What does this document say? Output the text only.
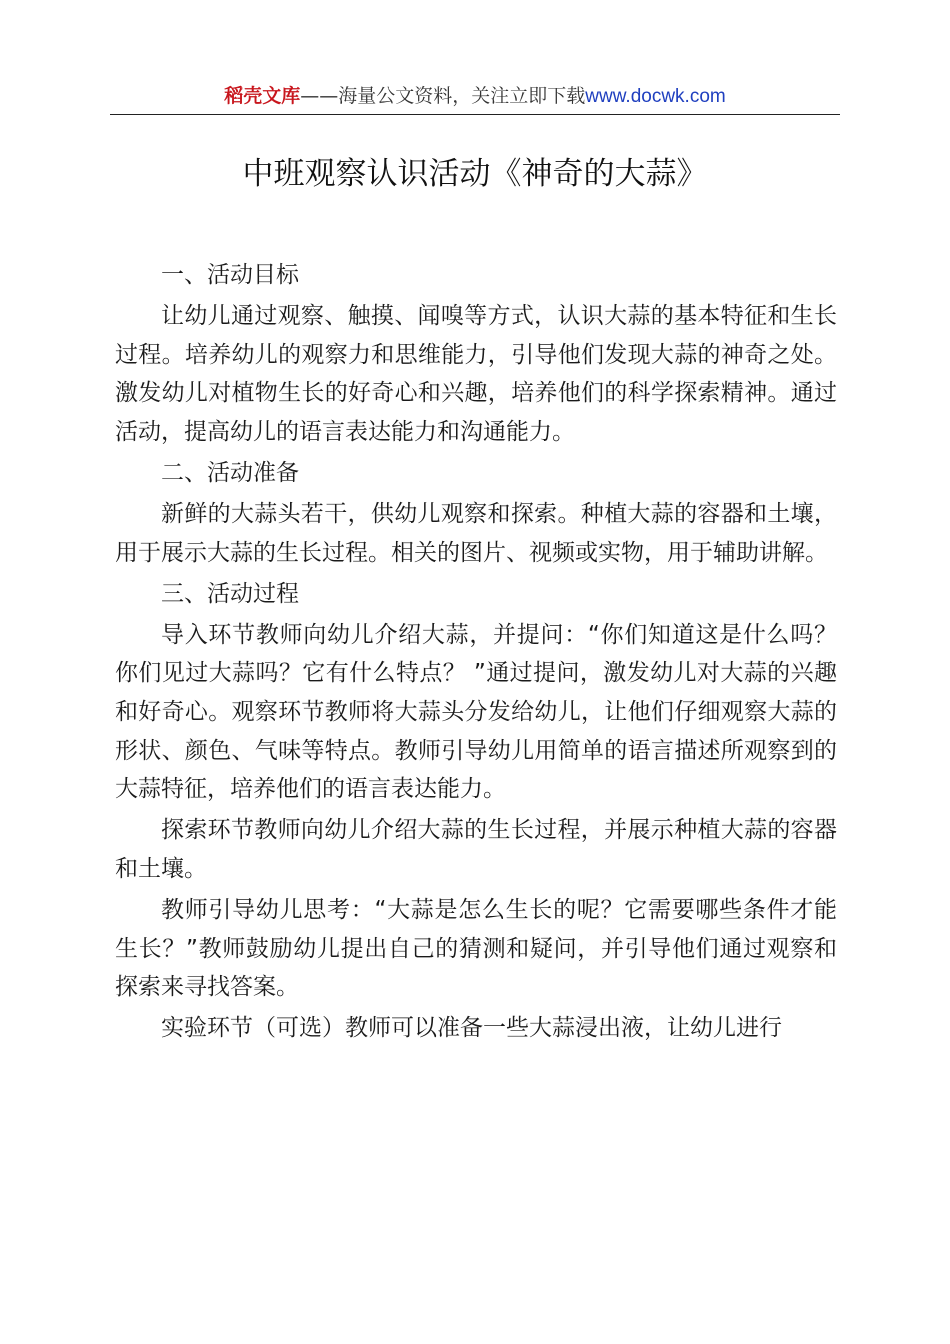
稻壳文库——海量公文资料，关注立即下载www.docwk.com
中班观察认识活动《神奇的大蒜》

一、活动目标

让幼儿通过观察、触摸、闻嗅等方式，认识大蒜的基本特征和生长过程。培养幼儿的观察力和思维能力，引导他们发现大蒜的神奇之处。激发幼儿对植物生长的好奇心和兴趣，培养他们的科学探索精神。通过活动，提高幼儿的语言表达能力和沟通能力。

二、活动准备

新鲜的大蒜头若干，供幼儿观察和探索。种植大蒜的容器和土壤，用于展示大蒜的生长过程。相关的图片、视频或实物，用于辅助讲解。

三、活动过程

导入环节教师向幼儿介绍大蒜，并提问：“你们知道这是什么吗？你们见过大蒜吗？它有什么特点？ ”通过提问，激发幼儿对大蒜的兴趣和好奇心。观察环节教师将大蒜头分发给幼儿，让他们仔细观察大蒜的形状、颜色、气味等特点。教师引导幼儿用简单的语言描述所观察到的大蒜特征，培养他们的语言表达能力。

探索环节教师向幼儿介绍大蒜的生长过程，并展示种植大蒜的容器和土壤。

教师引导幼儿思考：“大蒜是怎么生长的呢？它需要哪些条件才能生长？”教师鼓励幼儿提出自己的猜测和疑问，并引导他们通过观察和探索来寻找答案。

实验环节（可选）教师可以准备一些大蒜浸出液，让幼儿进行
